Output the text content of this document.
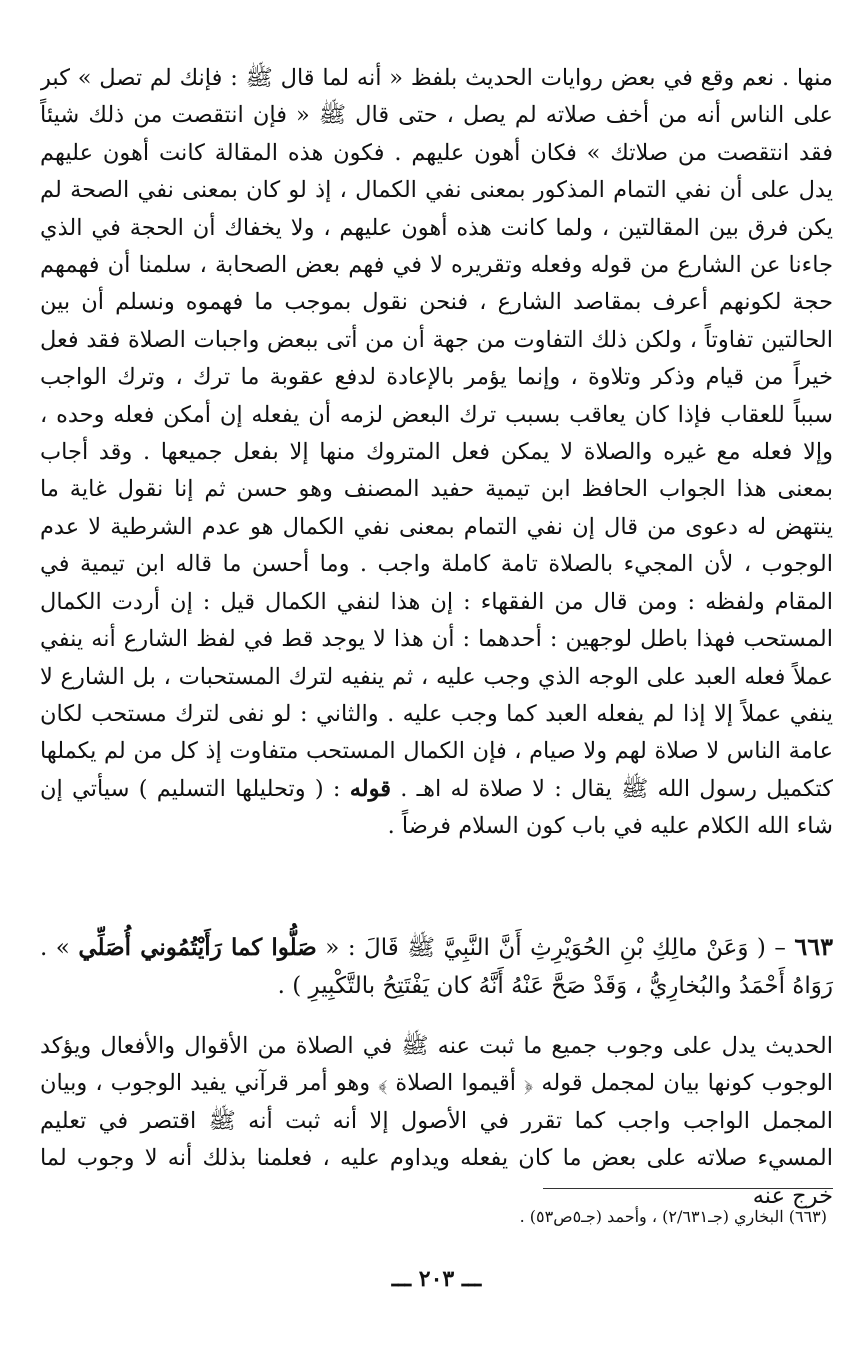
منها . نعم وقع في بعض روايات الحديث بلفظ « أنه لما قال ﷺ : فإنك لم تصل » كبر على الناس أنه من أخف صلاته لم يصل ، حتى قال ﷺ « فإن انتقصت من ذلك شيئاً فقد انتقصت من صلاتك » فكان أهون عليهم . فكون هذه المقالة كانت أهون عليهم يدل على أن نفي التمام المذكور بمعنى نفي الكمال ، إذ لو كان بمعنى نفي الصحة لم يكن فرق بين المقالتين ، ولما كانت هذه أهون عليهم ، ولا يخفاك أن الحجة في الذي جاءنا عن الشارع من قوله وفعله وتقريره لا في فهم بعض الصحابة ، سلمنا أن فهمهم حجة لكونهم أعرف بمقاصد الشارع ، فنحن نقول بموجب ما فهموه ونسلم أن بين الحالتين تفاوتاً ، ولكن ذلك التفاوت من جهة أن من أتى ببعض واجبات الصلاة فقد فعل خيراً من قيام وذكر وتلاوة ، وإنما يؤمر بالإعادة لدفع عقوبة ما ترك ، وترك الواجب سبباً للعقاب فإذا كان يعاقب بسبب ترك البعض لزمه أن يفعله إن أمكن فعله وحده ، وإلا فعله مع غيره والصلاة لا يمكن فعل المتروك منها إلا بفعل جميعها . وقد أجاب بمعنى هذا الجواب الحافظ ابن تيمية حفيد المصنف وهو حسن ثم إنا نقول غاية ما ينتهض له دعوى من قال إن نفي التمام بمعنى نفي الكمال هو عدم الشرطية لا عدم الوجوب ، لأن المجيء بالصلاة تامة كاملة واجب . وما أحسن ما قاله ابن تيمية في المقام ولفظه : ومن قال من الفقهاء : إن هذا لنفي الكمال قيل : إن أردت الكمال المستحب فهذا باطل لوجهين : أحدهما : أن هذا لا يوجد قط في لفظ الشارع أنه ينفي عملاً فعله العبد على الوجه الذي وجب عليه ، ثم ينفيه لترك المستحبات ، بل الشارع لا ينفي عملاً إلا إذا لم يفعله العبد كما وجب عليه . والثاني : لو نفى لترك مستحب لكان عامة الناس لا صلاة لهم ولا صيام ، فإن الكمال المستحب متفاوت إذ كل من لم يكملها كتكميل رسول الله ﷺ يقال : لا صلاة له اهـ . قوله : ( وتحليلها التسليم ) سيأتي إن شاء الله الكلام عليه في باب كون السلام فرضاً .

٦٦٣ – ( وَعَنْ مالِكِ بْنِ الحُوَيْرِثِ أَنَّ النَّبِيَّ ﷺ قَالَ : « صَلُّوا كما رَأَيْتُمُوني أُصَلِّي » . رَوَاهُ أَحْمَدُ والبُخارِيُّ ، وَقَدْ صَحَّ عَنْهُ أَنَّهُ كان يَفْتَتِحُ بالتَّكْبِيرِ ) .

الحديث يدل على وجوب جميع ما ثبت عنه ﷺ في الصلاة من الأقوال والأفعال ويؤكد الوجوب كونها بيان لمجمل قوله ﴿ أقيموا الصلاة ﴾ وهو أمر قرآني يفيد الوجوب ، وبيان المجمل الواجب واجب كما تقرر في الأصول إلا أنه ثبت أنه ﷺ اقتصر في تعليم المسيء صلاته على بعض ما كان يفعله ويداوم عليه ، فعلمنا بذلك أنه لا وجوب لما خرج عنه

(٦٦٣) البخاري (جـ٢/٦٣١) ، وأحمد (جـ٥ص٥٣) .

ـــ ٢٠٣ ـــ
